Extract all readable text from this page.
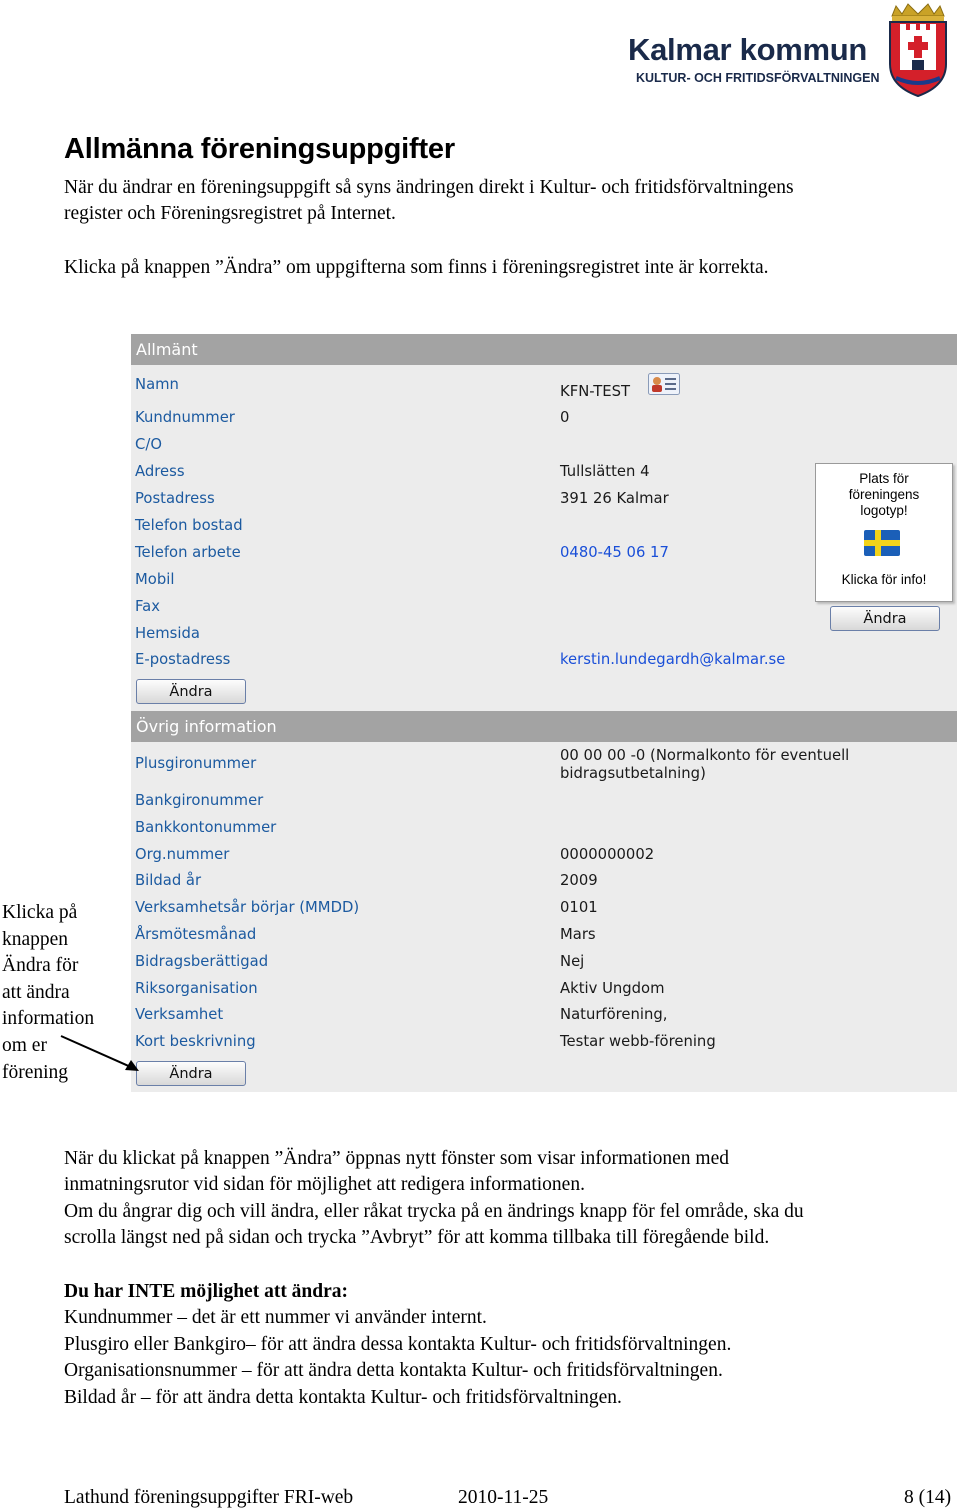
Kalmar kommun
KULTUR- OCH FRITIDSFÖRVALTNINGEN
Allmänna föreningsuppgifter
När du ändrar en föreningsuppgift så syns ändringen direkt i Kultur- och fritidsförvaltningens
register och Föreningsregistret på Internet.
Klicka på knappen ”Ändra” om uppgifterna som finns i föreningsregistret inte är korrekta.
Allmänt
Namn	KFN-TEST
Kundnummer	0
C/O
Adress	Tullslätten 4
Postadress	391 26 Kalmar
Telefon bostad
Telefon arbete	0480-45 06 17
Mobil
Fax
Hemsida
E-postadress	kerstin.lundegardh@kalmar.se
Ändra
Plats för
föreningens
logotyp!
Klicka för info!
Ändra
Övrig information
Plusgironummer	00 00 00 -0 (Normalkonto för eventuell
bidragsutbetalning)
Bankgironummer
Bankkontonummer
Org.nummer	0000000002
Bildad år	2009
Verksamhetsår börjar (MMDD)	0101
Årsmötesmånad	Mars
Bidragsberättigad	Nej
Riksorganisation	Aktiv Ungdom
Verksamhet	Naturförening,
Kort beskrivning	Testar webb-förening
Ändra
Klicka på
knappen
Ändra för
att ändra
information
om er
förening
När du klickat på knappen ”Ändra” öppnas nytt fönster som visar informationen med
inmatningsrutor vid sidan för möjlighet att redigera informationen.
Om du ångrar dig och vill ändra, eller råkat trycka på en ändrings knapp för fel område, ska du
scrolla längst ned på sidan och trycka ”Avbryt” för att komma tillbaka till föregående bild.
Du har INTE möjlighet att ändra:
Kundnummer – det är ett nummer vi använder internt.
Plusgiro eller Bankgiro– för att ändra dessa kontakta Kultur- och fritidsförvaltningen.
Organisationsnummer – för att ändra detta kontakta Kultur- och fritidsförvaltningen.
Bildad år – för att ändra detta kontakta Kultur- och fritidsförvaltningen.
Lathund föreningsuppgifter FRI-web	2010-11-25	8 (14)
